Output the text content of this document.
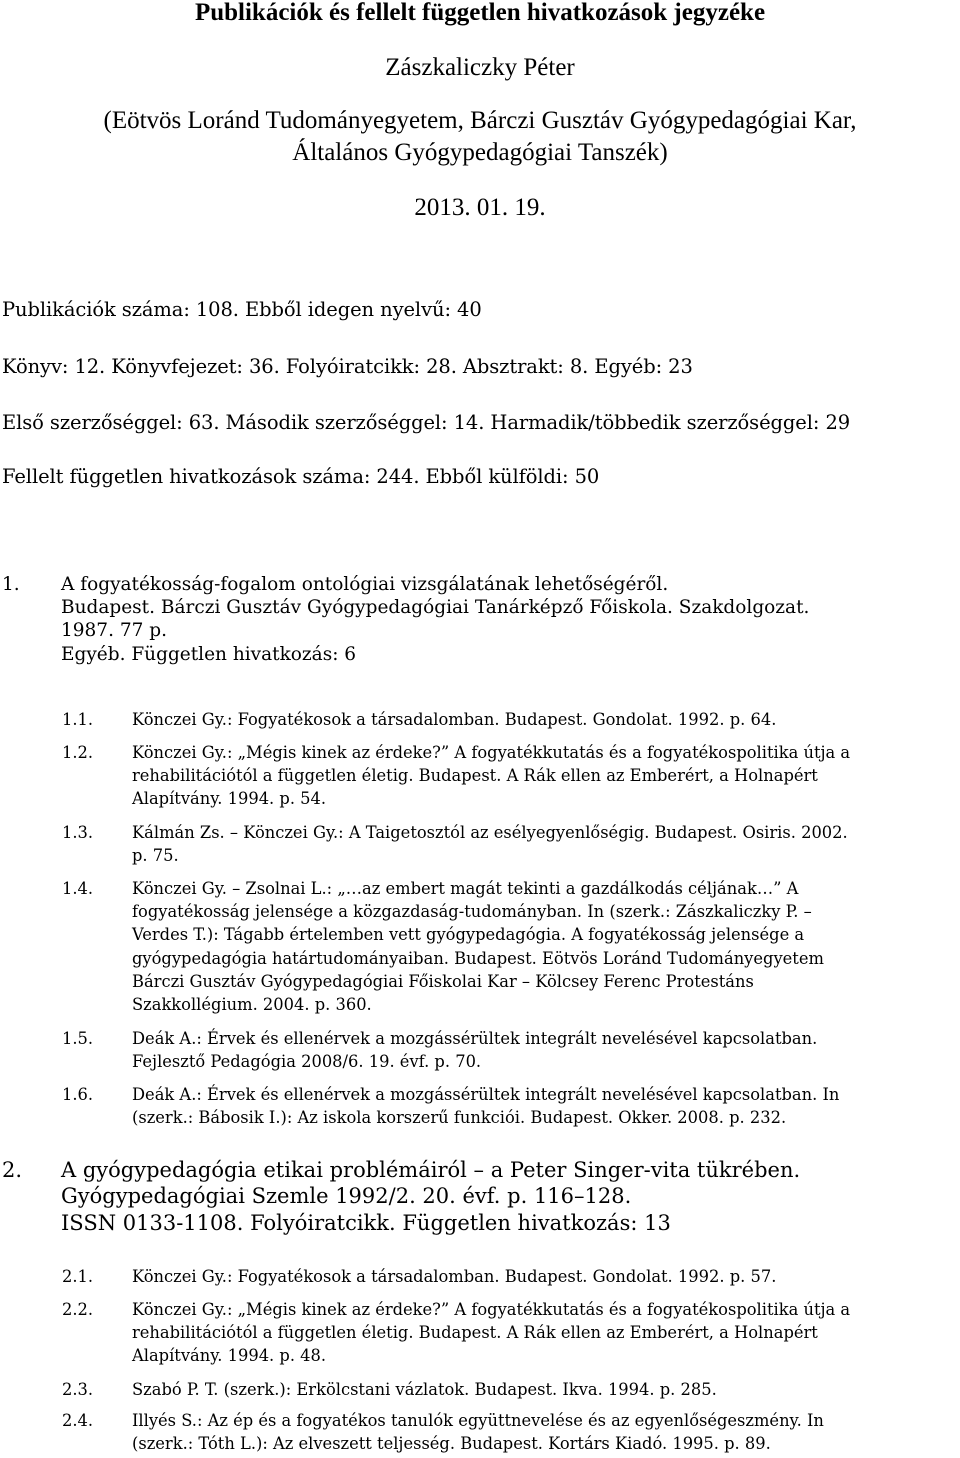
Publikációk és fellelt független hivatkozások jegyzéke
Zászkaliczky Péter
(Eötvös Loránd Tudományegyetem, Bárczi Gusztáv Gyógypedagógiai Kar,
Általános Gyógypedagógiai Tanszék)
2013. 01. 19.
Publikációk száma: 108. Ebből idegen nyelvű: 40
Könyv: 12. Könyvfejezet: 36. Folyóiratcikk: 28. Absztrakt: 8. Egyéb: 23
Első szerzőséggel: 63. Második szerzőséggel: 14. Harmadik/többedik szerzőséggel: 29
Fellelt független hivatkozások száma: 244. Ebből külföldi: 50
1. A fogyatékosság-fogalom ontológiai vizsgálatának lehetőségéről.
Budapest. Bárczi Gusztáv Gyógypedagógiai Tanárképző Főiskola. Szakdolgozat.
1987. 77 p.
Egyéb. Független hivatkozás: 6
1.1. Könczei Gy.: Fogyatékosok a társadalomban. Budapest. Gondolat. 1992. p. 64.
1.2. Könczei Gy.: „Mégis kinek az érdeke?” A fogyatékkutatás és a fogyatékospolitika útja a
rehabilitációtól a független életig. Budapest. A Rák ellen az Emberért, a Holnapért
Alapítvány. 1994. p. 54.
1.3. Kálmán Zs. – Könczei Gy.: A Taigetosztól az esélyegyenlőségig. Budapest. Osiris. 2002.
p. 75.
1.4. Könczei Gy. – Zsolnai L.: „…az embert magát tekinti a gazdálkodás céljának…” A
fogyatékosság jelensége a közgazdaság-tudományban. In (szerk.: Zászkaliczky P. –
Verdes T.): Tágabb értelemben vett gyógypedagógia. A fogyatékosság jelensége a
gyógypedagógia határtudományaiban. Budapest. Eötvös Loránd Tudományegyetem
Bárczi Gusztáv Gyógypedagógiai Főiskolai Kar – Kölcsey Ferenc Protestáns
Szakkollégium. 2004. p. 360.
1.5. Deák A.: Érvek és ellenérvek a mozgássérültek integrált nevelésével kapcsolatban.
Fejlesztő Pedagógia 2008/6. 19. évf. p. 70.
1.6. Deák A.: Érvek és ellenérvek a mozgássérültek integrált nevelésével kapcsolatban. In
(szerk.: Bábosik I.): Az iskola korszerű funkciói. Budapest. Okker. 2008. p. 232.
2. A gyógypedagógia etikai problémáiról – a Peter Singer-vita tükrében.
Gyógypedagógiai Szemle 1992/2. 20. évf. p. 116–128.
ISSN 0133-1108. Folyóiratcikk. Független hivatkozás: 13
2.1. Könczei Gy.: Fogyatékosok a társadalomban. Budapest. Gondolat. 1992. p. 57.
2.2. Könczei Gy.: „Mégis kinek az érdeke?” A fogyatékkutatás és a fogyatékospolitika útja a
rehabilitációtól a független életig. Budapest. A Rák ellen az Emberért, a Holnapért
Alapítvány. 1994. p. 48.
2.3. Szabó P. T. (szerk.): Erkölcstani vázlatok. Budapest. Ikva. 1994. p. 285.
2.4. Illyés S.: Az ép és a fogyatékos tanulók együttnevelése és az egyenlőségeszmény. In
(szerk.: Tóth L.): Az elveszett teljesség. Budapest. Kortárs Kiadó. 1995. p. 89.
